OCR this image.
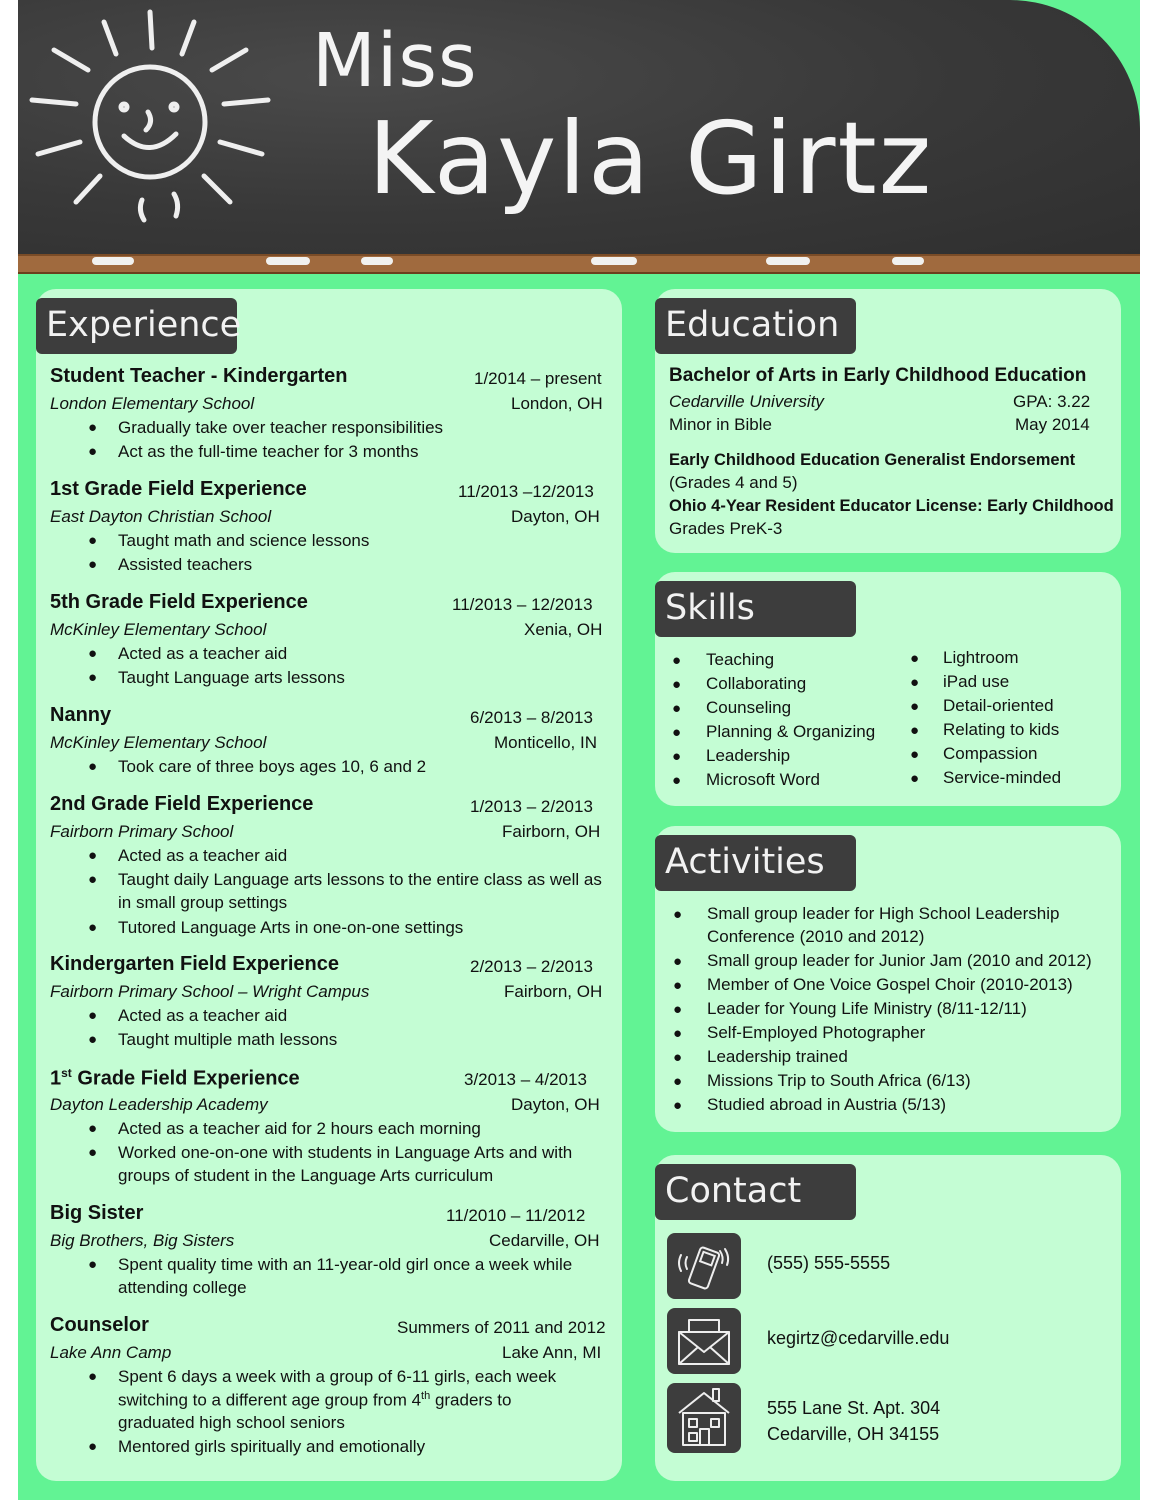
Miss
Kayla Girtz
Experience
Student Teacher - Kindergarten	1/2014 – present
London Elementary School	London, OH
● Gradually take over teacher responsibilities
● Act as the full-time teacher for 3 months
1st Grade Field Experience	11/2013 –12/2013
East Dayton Christian School	Dayton, OH
● Taught math and science lessons
● Assisted teachers
5th Grade Field Experience	11/2013 – 12/2013
McKinley Elementary School	Xenia, OH
● Acted as a teacher aid
● Taught Language arts lessons
Nanny	6/2013 – 8/2013
McKinley Elementary School	Monticello, IN
● Took care of three boys ages 10, 6 and 2
2nd Grade Field Experience	1/2013 – 2/2013
Fairborn Primary School	Fairborn, OH
● Acted as a teacher aid
● Taught daily Language arts lessons to the entire class as well as
in small group settings
● Tutored Language Arts in one-on-one settings
Kindergarten Field Experience	2/2013 – 2/2013
Fairborn Primary School – Wright Campus	Fairborn, OH
● Acted as a teacher aid
● Taught multiple math lessons
1st Grade Field Experience	3/2013 – 4/2013
Dayton Leadership Academy	Dayton, OH
● Acted as a teacher aid for 2 hours each morning
● Worked one-on-one with students in Language Arts and with
groups of student in the Language Arts curriculum
Big Sister	11/2010 – 11/2012
Big Brothers, Big Sisters	Cedarville, OH
● Spent quality time with an 11-year-old girl once a week while
attending college
Counselor	Summers of 2011 and 2012
Lake Ann Camp	Lake Ann, MI
● Spent 6 days a week with a group of 6-11 girls, each week
switching to a different age group from 4th graders to
graduated high school seniors
● Mentored girls spiritually and emotionally
Education
Bachelor of Arts in Early Childhood Education
Cedarville University	GPA: 3.22
Minor in Bible	May 2014
Early Childhood Education Generalist Endorsement
(Grades 4 and 5)
Ohio 4-Year Resident Educator License: Early Childhood
Grades PreK-3
Skills
● Teaching
● Collaborating
● Counseling
● Planning & Organizing
● Leadership
● Microsoft Word
● Lightroom
● iPad use
● Detail-oriented
● Relating to kids
● Compassion
● Service-minded
Activities
● Small group leader for High School Leadership
Conference (2010 and 2012)
● Small group leader for Junior Jam (2010 and 2012)
● Member of One Voice Gospel Choir (2010-2013)
● Leader for Young Life Ministry (8/11-12/11)
● Self-Employed Photographer
● Leadership trained
● Missions Trip to South Africa (6/13)
● Studied abroad in Austria (5/13)
Contact
(555) 555-5555
kegirtz@cedarville.edu
555 Lane St. Apt. 304
Cedarville, OH 34155
